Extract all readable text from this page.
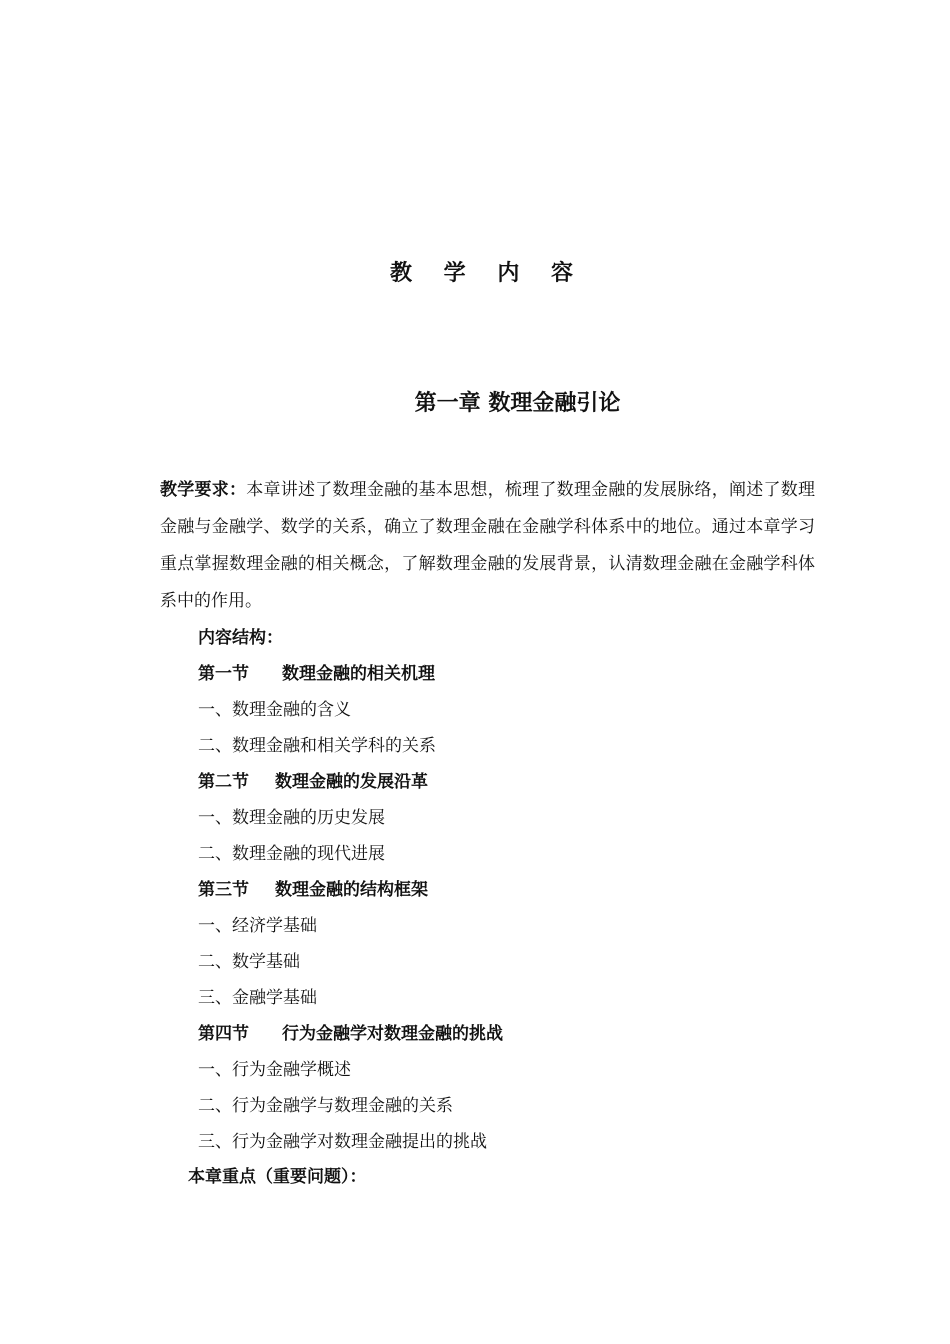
教 学 内 容
第一章 数理金融引论
教学要求：本章讲述了数理金融的基本思想，梳理了数理金融的发展脉络，阐述了数理金融与金融学、数学的关系，确立了数理金融在金融学科体系中的地位。通过本章学习重点掌握数理金融的相关概念，了解数理金融的发展背景，认清数理金融在金融学科体系中的作用。
内容结构：
第一节 数理金融的相关机理
一、数理金融的含义
二、数理金融和相关学科的关系
第二节 数理金融的发展沿革
一、数理金融的历史发展
二、数理金融的现代进展
第三节 数理金融的结构框架
一、经济学基础
二、数学基础
三、金融学基础
第四节 行为金融学对数理金融的挑战
一、行为金融学概述
二、行为金融学与数理金融的关系
三、行为金融学对数理金融提出的挑战
本章重点（重要问题）：
